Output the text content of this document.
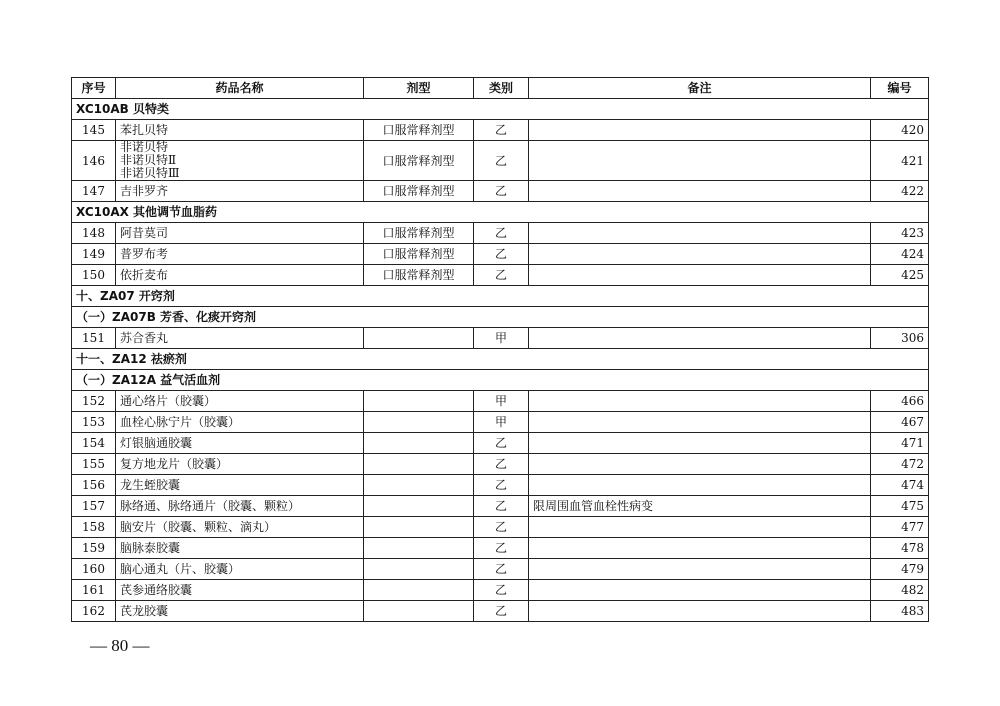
序号	药品名称	剂型	类别	备注	编号
XC10AB 贝特类					
145	苯扎贝特	口服常释剂型	乙		420
146	非诺贝特
非诺贝特Ⅱ
非诺贝特Ⅲ	口服常释剂型	乙		421
147	吉非罗齐	口服常释剂型	乙		422
XC10AX 其他调节血脂药					
148	阿昔莫司	口服常释剂型	乙		423
149	普罗布考	口服常释剂型	乙		424
150	依折麦布	口服常释剂型	乙		425
十、ZA07 开窍剂					
（一）ZA07B 芳香、化痰开窍剂					
151	苏合香丸		甲		306
十一、ZA12 祛瘀剂					
（一）ZA12A 益气活血剂					
152	通心络片（胶囊）		甲		466
153	血栓心脉宁片（胶囊）		甲		467
154	灯银脑通胶囊		乙		471
155	复方地龙片（胶囊）		乙		472
156	龙生蛭胶囊		乙		474
157	脉络通、脉络通片（胶囊、颗粒）		乙	限周围血管血栓性病变	475
158	脑安片（胶囊、颗粒、滴丸）		乙		477
159	脑脉泰胶囊		乙		478
160	脑心通丸（片、胶囊）		乙		479
161	芪参通络胶囊		乙		482
162	芪龙胶囊		乙		483
— 80 —
